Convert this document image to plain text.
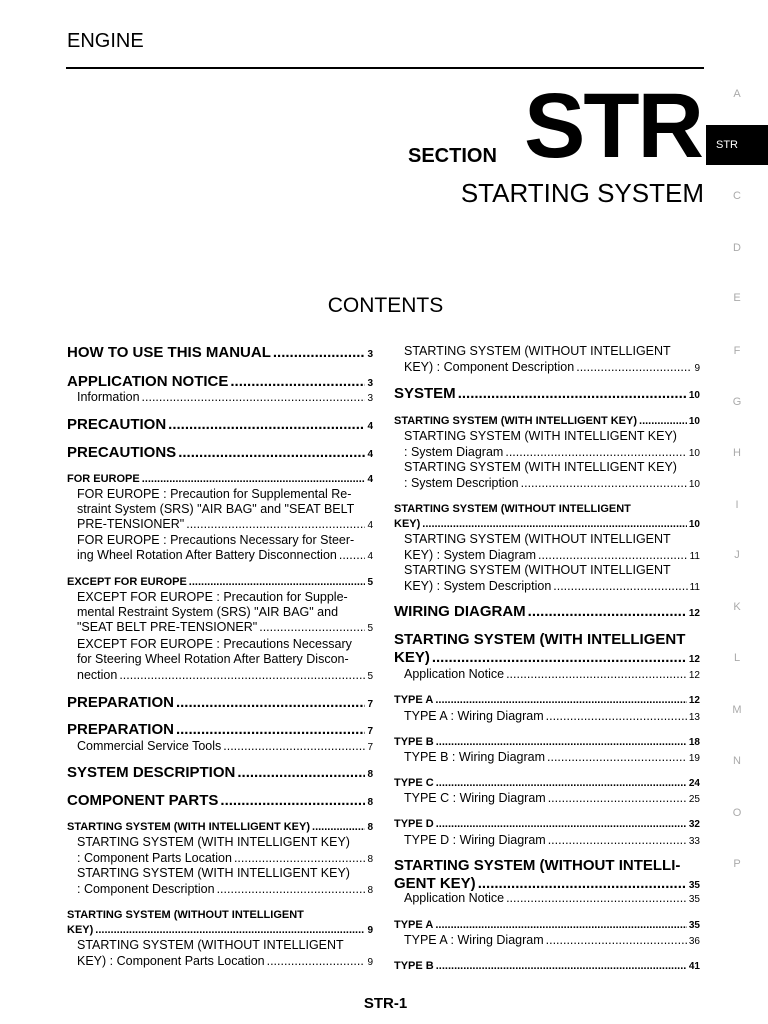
ENGINE
SECTION STR
STARTING SYSTEM
CONTENTS
A
STR
C
D
E
F
G
H
I
J
K
L
M
N
O
P
HOW TO USE THIS MANUAL .....	3
APPLICATION NOTICE .....	3
Information .....	3
PRECAUTION .....	4
PRECAUTIONS .....	4
FOR EUROPE .....	4
FOR EUROPE : Precaution for Supplemental Re-
straint System (SRS) "AIR BAG" and "SEAT BELT
PRE-TENSIONER" .....	4
FOR EUROPE : Precautions Necessary for Steer-
ing Wheel Rotation After Battery Disconnection .....	4
EXCEPT FOR EUROPE .....	5
EXCEPT FOR EUROPE : Precaution for Supple-
mental Restraint System (SRS) "AIR BAG" and
"SEAT BELT PRE-TENSIONER" .....	5
EXCEPT FOR EUROPE : Precautions Necessary
for Steering Wheel Rotation After Battery Discon-
nection .....	5
PREPARATION .....	7
PREPARATION .....	7
Commercial Service Tools .....	7
SYSTEM DESCRIPTION .....	8
COMPONENT PARTS .....	8
STARTING SYSTEM (WITH INTELLIGENT KEY) .....	8
STARTING SYSTEM (WITH INTELLIGENT KEY)
: Component Parts Location .....	8
STARTING SYSTEM (WITH INTELLIGENT KEY)
: Component Description .....	8
STARTING SYSTEM (WITHOUT INTELLIGENT
KEY) .....	9
STARTING SYSTEM (WITHOUT INTELLIGENT
KEY) : Component Parts Location .....	9
STARTING SYSTEM (WITHOUT INTELLIGENT
KEY) : Component Description .....	9
SYSTEM .....	10
STARTING SYSTEM (WITH INTELLIGENT KEY) .....	10
STARTING SYSTEM (WITH INTELLIGENT KEY)
: System Diagram .....	10
STARTING SYSTEM (WITH INTELLIGENT KEY)
: System Description .....	10
STARTING SYSTEM (WITHOUT INTELLIGENT
KEY) .....	10
STARTING SYSTEM (WITHOUT INTELLIGENT
KEY) : System Diagram .....	11
STARTING SYSTEM (WITHOUT INTELLIGENT
KEY) : System Description .....	11
WIRING DIAGRAM .....	12
STARTING SYSTEM (WITH INTELLIGENT
KEY) .....	12
Application Notice .....	12
TYPE A .....	12
TYPE A : Wiring Diagram .....	13
TYPE B .....	18
TYPE B : Wiring Diagram .....	19
TYPE C .....	24
TYPE C : Wiring Diagram .....	25
TYPE D .....	32
TYPE D : Wiring Diagram .....	33
STARTING SYSTEM (WITHOUT INTELLI-
GENT KEY) .....	35
Application Notice .....	35
TYPE A .....	35
TYPE A : Wiring Diagram .....	36
TYPE B .....	41
STR-1
